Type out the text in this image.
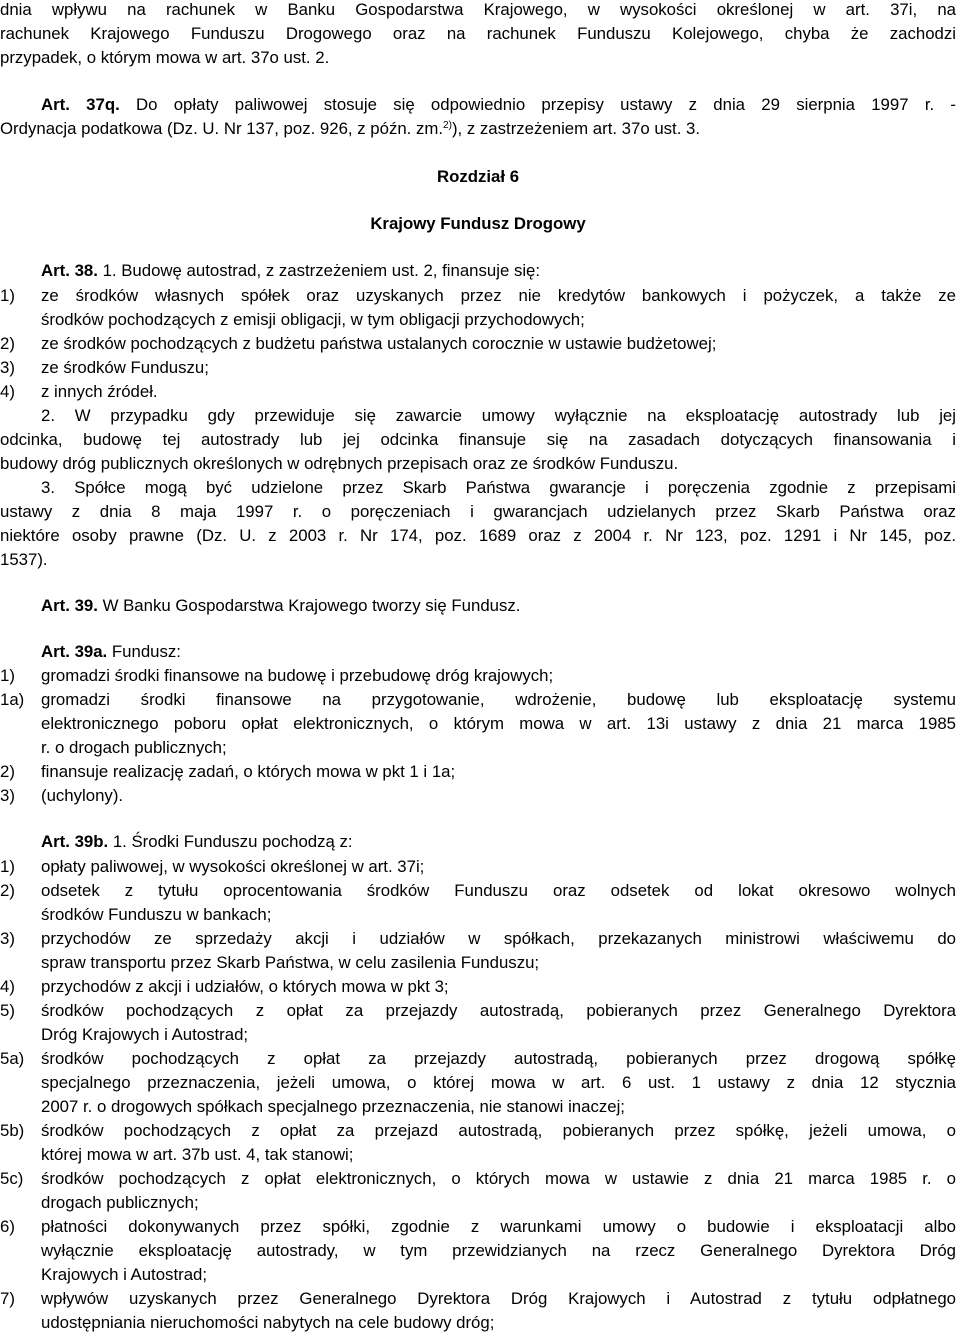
dnia wpływu na rachunek w Banku Gospodarstwa Krajowego, w wysokości określonej w art. 37i, na

rachunek Krajowego Funduszu Drogowego oraz na rachunek Funduszu Kolejowego, chyba że zachodzi

przypadek, o którym mowa w art. 37o ust. 2.

Art. 37q. Do opłaty paliwowej stosuje się odpowiednio przepisy ustawy z dnia 29 sierpnia 1997 r. -

Ordynacja podatkowa (Dz. U. Nr 137, poz. 926, z późn. zm.$^{2)}$), z zastrzeżeniem art. 37o ust. 3.

Rozdział 6

Krajowy Fundusz Drogowy

Art. 38. 1. Budowę autostrad, z zastrzeżeniem ust. 2, finansuje się:

1) ze środków własnych spółek oraz uzyskanych przez nie kredytów bankowych i pożyczek, a także ze

środków pochodzących z emisji obligacji, w tym obligacji przychodowych;

2) ze środków pochodzących z budżetu państwa ustalanych corocznie w ustawie budżetowej;

3) ze środków Funduszu;

4) z innych źródeł.

2. W przypadku gdy przewiduje się zawarcie umowy wyłącznie na eksploatację autostrady lub jej

odcinka, budowę tej autostrady lub jej odcinka finansuje się na zasadach dotyczących finansowania i

budowy dróg publicznych określonych w odrębnych przepisach oraz ze środków Funduszu.

3. Spółce mogą być udzielone przez Skarb Państwa gwarancje i poręczenia zgodnie z przepisami

ustawy z dnia 8 maja 1997 r. o poręczeniach i gwarancjach udzielanych przez Skarb Państwa oraz

niektóre osoby prawne (Dz. U. z 2003 r. Nr 174, poz. 1689 oraz z 2004 r. Nr 123, poz. 1291 i Nr 145, poz.

1537).

Art. 39. W Banku Gospodarstwa Krajowego tworzy się Fundusz.

Art. 39a. Fundusz:

1) gromadzi środki finansowe na budowę i przebudowę dróg krajowych;

1a) gromadzi środki finansowe na przygotowanie, wdrożenie, budowę lub eksploatację systemu

elektronicznego poboru opłat elektronicznych, o którym mowa w art. 13i ustawy z dnia 21 marca 1985

r. o drogach publicznych;

2) finansuje realizację zadań, o których mowa w pkt 1 i 1a;

3) (uchylony).

Art. 39b. 1. Środki Funduszu pochodzą z:

1) opłaty paliwowej, w wysokości określonej w art. 37i;

2) odsetek z tytułu oprocentowania środków Funduszu oraz odsetek od lokat okresowo wolnych

środków Funduszu w bankach;

3) przychodów ze sprzedaży akcji i udziałów w spółkach, przekazanych ministrowi właściwemu do

spraw transportu przez Skarb Państwa, w celu zasilenia Funduszu;

4) przychodów z akcji i udziałów, o których mowa w pkt 3;

5) środków pochodzących z opłat za przejazdy autostradą, pobieranych przez Generalnego Dyrektora

Dróg Krajowych i Autostrad;

5a) środków pochodzących z opłat za przejazdy autostradą, pobieranych przez drogową spółkę

specjalnego przeznaczenia, jeżeli umowa, o której mowa w art. 6 ust. 1 ustawy z dnia 12 stycznia

2007 r. o drogowych spółkach specjalnego przeznaczenia, nie stanowi inaczej;

5b) środków pochodzących z opłat za przejazd autostradą, pobieranych przez spółkę, jeżeli umowa, o

której mowa w art. 37b ust. 4, tak stanowi;

5c) środków pochodzących z opłat elektronicznych, o których mowa w ustawie z dnia 21 marca 1985 r. o

drogach publicznych;

6) płatności dokonywanych przez spółki, zgodnie z warunkami umowy o budowie i eksploatacji albo

wyłącznie eksploatację autostrady, w tym przewidzianych na rzecz Generalnego Dyrektora Dróg

Krajowych i Autostrad;

7) wpływów uzyskanych przez Generalnego Dyrektora Dróg Krajowych i Autostrad z tytułu odpłatnego

udostępniania nieruchomości nabytych na cele budowy dróg;
